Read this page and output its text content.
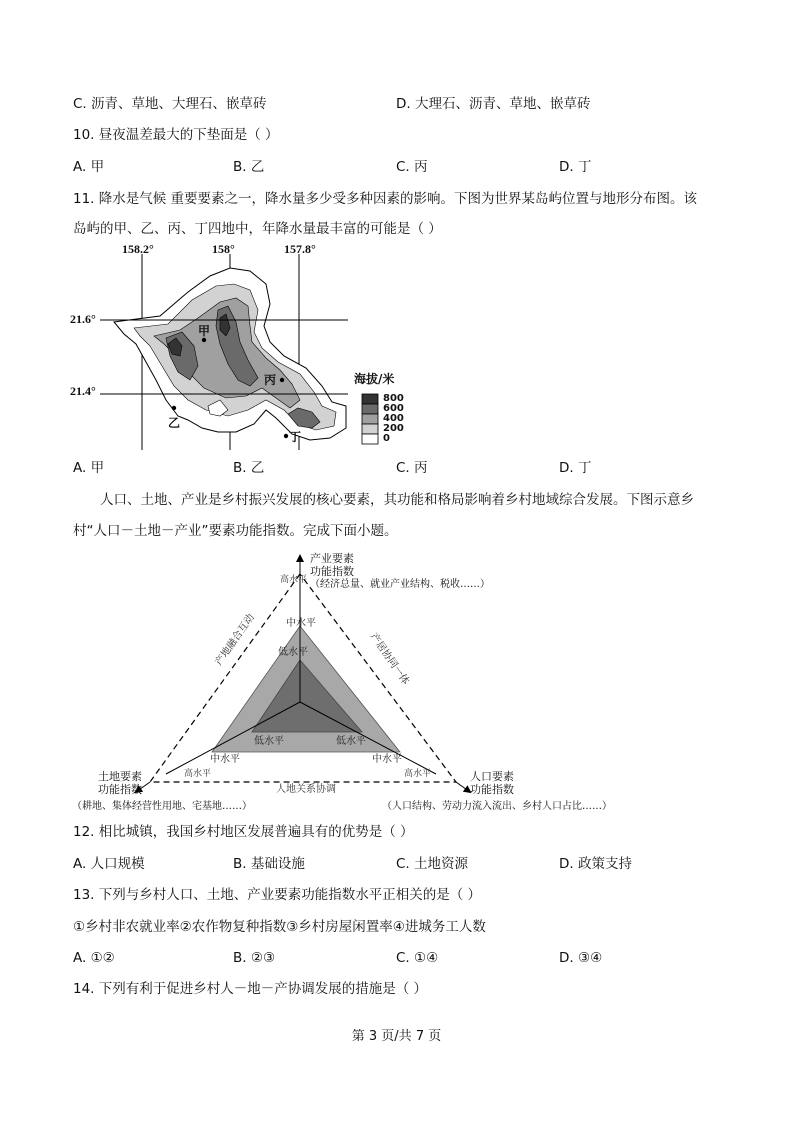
C. 沥青、草地、大理石、嵌草砖	D. 大理石、沥青、草地、嵌草砖
10. 昼夜温差最大的下垫面是（ ）
A. 甲	B. 乙	C. 丙	D. 丁
11. 降水是气候 重要要素之一，降水量多少受多种因素的影响。下图为世界某岛屿位置与地形分布图。该
岛屿的甲、乙、丙、丁四地中，年降水量最丰富的可能是（ ）
158.2°	158°	157.8°
21.6°
21.4°
甲
乙
丙
丁
海拔/米
800
600
400
200
0
A. 甲	B. 乙	C. 丙	D. 丁
人口、土地、产业是乡村振兴发展的核心要素，其功能和格局影响着乡村地域综合发展。下图示意乡
村“人口－土地－产业”要素功能指数。完成下面小题。
产地融合互动	产居协同一体
人地关系协调
高水平
中水平
低水平
低水平	低水平
中水平	中水平
高水平	高水平
产业要素
功能指数
（经济总量、就业产业结构、税收……）
土地要素
功能指数
（耕地、集体经营性用地、宅基地……）
人口要素
功能指数
（人口结构、劳动力流入流出、乡村人口占比……）
12. 相比城镇，我国乡村地区发展普遍具有的优势是（ ）
A. 人口规模	B. 基础设施	C. 土地资源	D. 政策支持
13. 下列与乡村人口、土地、产业要素功能指数水平正相关的是（ ）
①乡村非农就业率②农作物复种指数③乡村房屋闲置率④进城务工人数
A. ①②	B. ②③	C. ①④	D. ③④
14. 下列有利于促进乡村人－地－产协调发展的措施是（ ）
第 3 页/共 7 页
